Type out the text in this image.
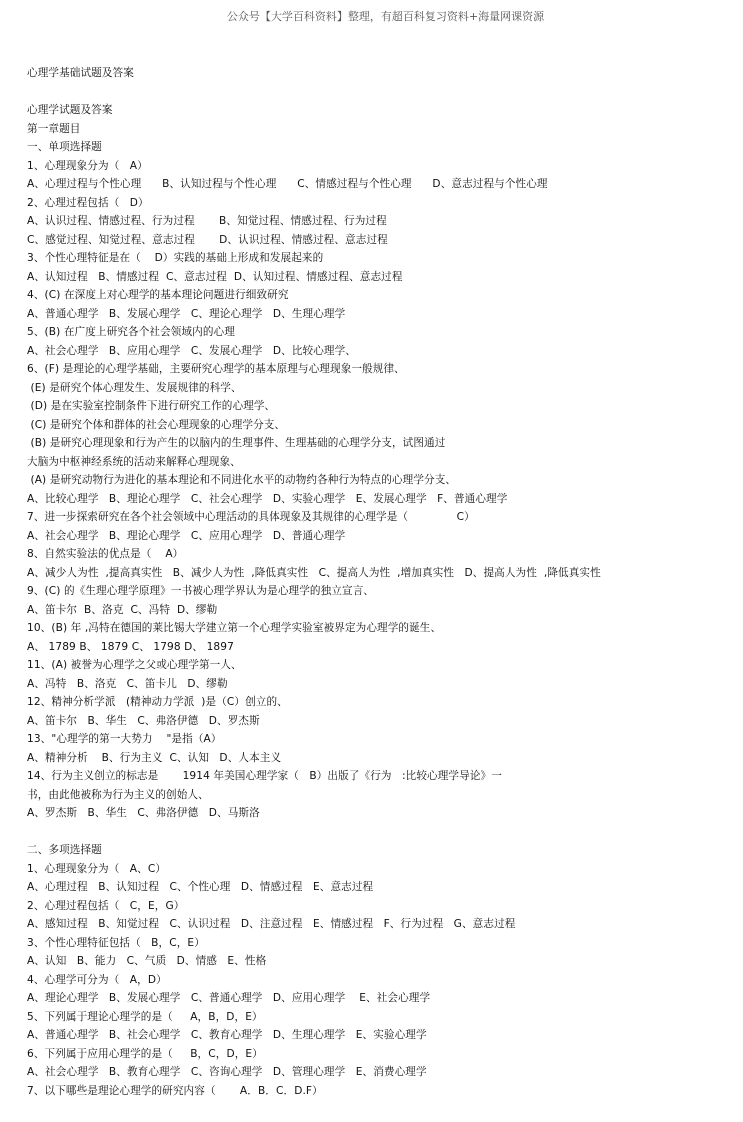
公众号【大学百科资料】整理，有超百科复习资料+海量网课资源
心理学基础试题及答案
心理学试题及答案
第一章题目
一、单项选择题
1、心理现象分为（   A）
A、心理过程与个性心理      B、认知过程与个性心理      C、情感过程与个性心理      D、意志过程与个性心理
2、心理过程包括（   D）
A、认识过程、情感过程、行为过程       B、知觉过程、情感过程、行为过程
C、感觉过程、知觉过程、意志过程       D、认识过程、情感过程、意志过程
3、个性心理特征是在（    D）实践的基础上形成和发展起来的
A、认知过程   B、情感过程  C、意志过程  D、认知过程、情感过程、意志过程
4、(C) 在深度上对心理学的基本理论问题进行细致研究
A、普通心理学   B、发展心理学   C、理论心理学   D、生理心理学
5、(B) 在广度上研究各个社会领域内的心理
A、社会心理学   B、应用心理学   C、发展心理学   D、比较心理学、
6、(F) 是理论的心理学基础，主要研究心理学的基本原理与心理现象一般规律、
(E) 是研究个体心理发生、发展规律的科学、
(D) 是在实验室控制条件下进行研究工作的心理学、
(C) 是研究个体和群体的社会心理现象的心理学分支、
(B) 是研究心理现象和行为产生的以脑内的生理事件、生理基础的心理学分支，试图通过
大脑为中枢神经系统的活动来解释心理现象、
(A) 是研究动物行为进化的基本理论和不同进化水平的动物约各种行为特点的心理学分支、
A、比较心理学   B、理论心理学   C、社会心理学   D、实验心理学   E、发展心理学   F、普通心理学
7、进一步探索研究在各个社会领域中心理活动的具体现象及其规律的心理学是（              C）
A、社会心理学   B、理论心理学   C、应用心理学   D、普通心理学
8、自然实验法的优点是（    A）
A、减少人为性  ,提高真实性   B、减少人为性  ,降低真实性   C、提高人为性  ,增加真实性   D、提高人为性  ,降低真实性
9、(C) 的《生理心理学原理》一书被心理学界认为是心理学的独立宣言、
A、笛卡尔  B、洛克  C、冯特  D、缪勒
10、(B) 年 ,冯特在德国的莱比锡大学建立第一个心理学实验室被界定为心理学的诞生、
A、 1789 B、 1879 C、 1798 D、 1897
11、(A) 被誉为心理学之父或心理学第一人、
A、冯特   B、洛克   C、笛卡儿   D、缪勒
12、精神分析学派   (精神动力学派  )是（C）创立的、
A、笛卡尔   B、华生   C、弗洛伊德   D、罗杰斯
13、"心理学的第一大势力    "是指（A）
A、精神分析    B、行为主义  C、认知   D、人本主义
14、行为主义创立的标志是       1914 年美国心理学家（   B）出版了《行为   :比较心理学导论》一
书，由此他被称为行为主义的创始人、
A、罗杰斯   B、华生   C、弗洛伊德   D、马斯洛
二、多项选择题
1、心理现象分为（   A、C）
A、心理过程   B、认知过程   C、个性心理   D、情感过程   E、意志过程
2、心理过程包括（   C，E，G）
A、感知过程   B、知觉过程   C、认识过程   D、注意过程   E、情感过程   F、行为过程   G、意志过程
3、个性心理特征包括（   B，C，E）
A、认知   B、能力   C、气质   D、情感   E、性格
4、心理学可分为（   A，D）
A、理论心理学   B、发展心理学   C、普通心理学   D、应用心理学    E、社会心理学
5、下列属于理论心理学的是（     A，B，D，E）
A、普通心理学   B、社会心理学   C、教育心理学   D、生理心理学   E、实验心理学
6、下列属于应用心理学的是（     B，C，D，E）
A、社会心理学   B、教育心理学   C、咨询心理学   D、管理心理学   E、消费心理学
7、以下哪些是理论心理学的研究内容（       A．B．C．D.F）
